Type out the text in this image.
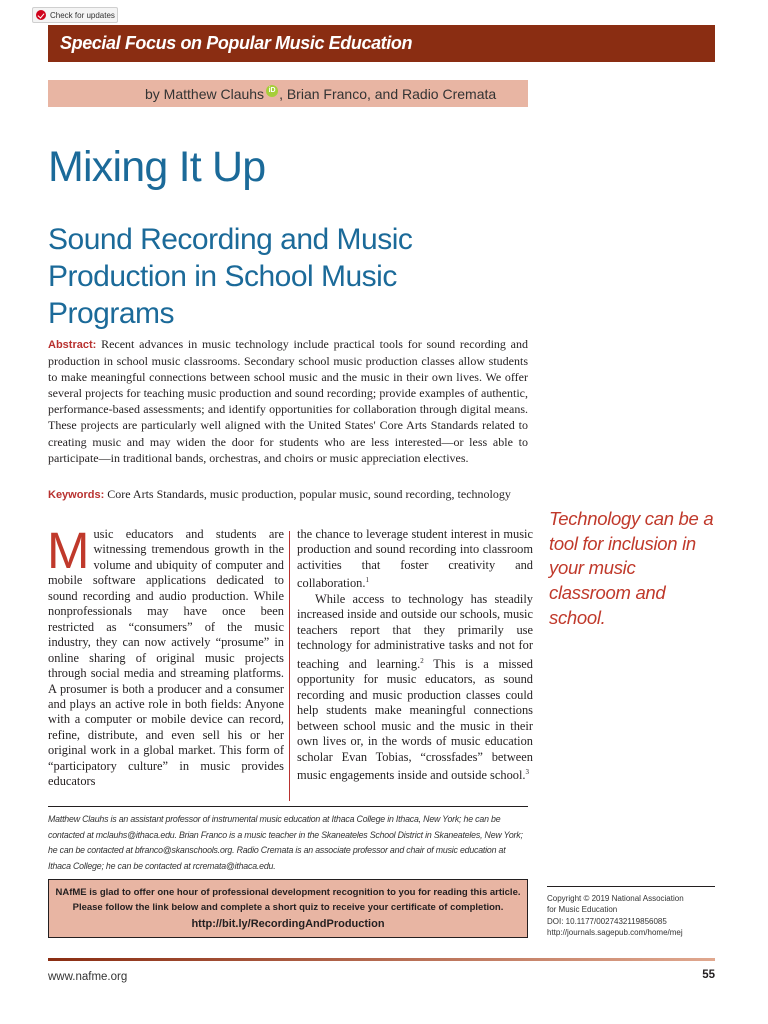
Check for updates
Special Focus on Popular Music Education
by Matthew Clauhs iD , Brian Franco, and Radio Cremata
Mixing It Up
Sound Recording and Music Production in School Music Programs

Abstract: Recent advances in music technology include practical tools for sound recording and production in school music classrooms. Secondary school music production classes allow students to make meaningful connections between school music and the music in their own lives. We offer several projects for teaching music production and sound recording; provide examples of authentic, performance-based assessments; and identify opportunities for collaboration through digital means. These projects are particularly well aligned with the United States' Core Arts Standards related to creating music and may widen the door for students who are less interested—or less able to participate—in traditional bands, orchestras, and choirs or music appreciation electives.

Keywords: Core Arts Standards, music production, popular music, sound recording, technology

Music educators and students are witnessing tremendous growth in the volume and ubiquity of computer and mobile software applications dedicated to sound recording and audio production. While nonprofessionals may have once been restricted as “consumers” of the music industry, they can now actively “prosume” in online sharing of original music projects through social media and streaming platforms. A prosumer is both a producer and a consumer and plays an active role in both fields: Anyone with a computer or mobile device can record, refine, distribute, and even sell his or her original work in a global market. This form of “participatory culture” in music provides educators

the chance to leverage student interest in music production and sound recording into classroom activities that foster creativity and collaboration.$^1$

While access to technology has steadily increased inside and outside our schools, music teachers report that they primarily use technology for administrative tasks and not for teaching and learning.$^2$ This is a missed opportunity for music educators, as sound recording and music production classes could help students make meaningful connections between school music and the music in their own lives or, in the words of music education scholar Evan Tobias, “crossfades” between music engagements inside and outside school.$^3$

Technology can be a tool for inclusion in your music classroom and school.
Matthew Clauhs is an assistant professor of instrumental music education at Ithaca College in Ithaca, New York; he can be contacted at mclauhs@ithaca.edu. Brian Franco is a music teacher in the Skaneateles School District in Skaneateles, New York; he can be contacted at bfranco@skanschools.org. Radio Cremata is an associate professor and chair of music education at Ithaca College; he can be contacted at rcremata@ithaca.edu.
NAfME is glad to offer one hour of professional development recognition to you for reading this article.
Please follow the link below and complete a short quiz to receive your certificate of completion.
http://bit.ly/RecordingAndProduction
Copyright © 2019 National Association
for Music Education
DOI: 10.1177/0027432119856085
http://journals.sagepub.com/home/mej
www.nafme.org	55
